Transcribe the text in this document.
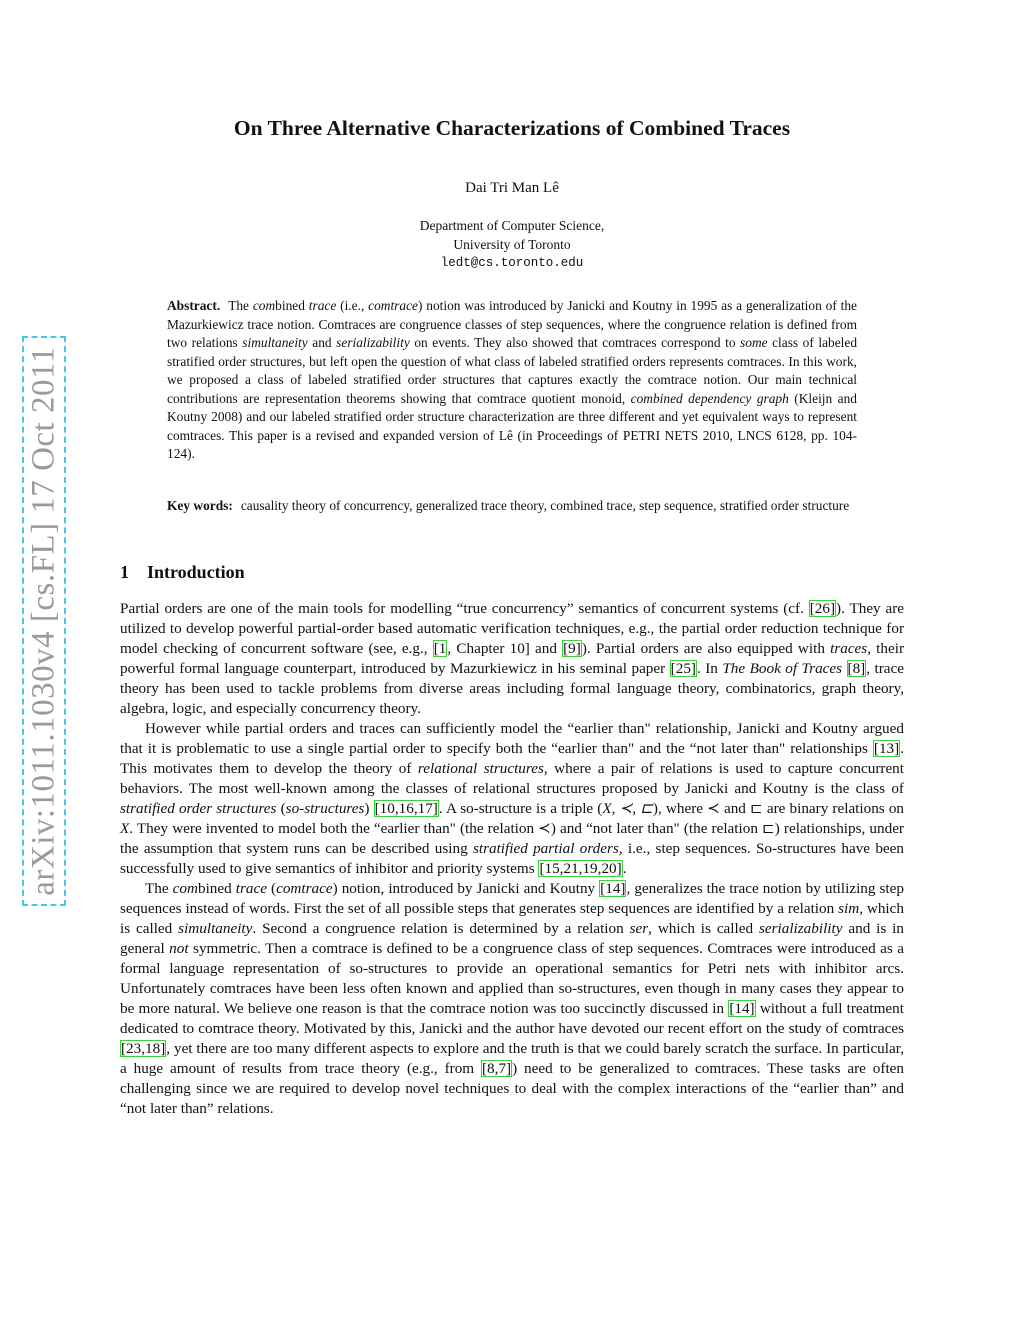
arXiv:1011.1030v4 [cs.FL] 17 Oct 2011
On Three Alternative Characterizations of Combined Traces
Dai Tri Man Lê
Department of Computer Science,
University of Toronto
ledt@cs.toronto.edu

Abstract. The combined trace (i.e., comtrace) notion was introduced by Janicki and Koutny in 1995 as a generalization of the Mazurkiewicz trace notion. Comtraces are congruence classes of step sequences, where the congruence relation is defined from two relations simultaneity and serializability on events. They also showed that comtraces correspond to some class of labeled stratified order structures, but left open the question of what class of labeled stratified orders represents comtraces. In this work, we proposed a class of labeled stratified order structures that captures exactly the comtrace notion. Our main technical contributions are representation theorems showing that comtrace quotient monoid, combined dependency graph (Kleijn and Koutny 2008) and our labeled stratified order structure characterization are three different and yet equivalent ways to represent comtraces. This paper is a revised and expanded version of Lê (in Proceedings of PETRI NETS 2010, LNCS 6128, pp. 104-124).

Key words: causality theory of concurrency, generalized trace theory, combined trace, step sequence, stratified order structure

1 Introduction

Partial orders are one of the main tools for modelling “true concurrency” semantics of concurrent systems (cf. [26]). They are utilized to develop powerful partial-order based automatic verification techniques, e.g., the partial order reduction technique for model checking of concurrent software (see, e.g., [1, Chapter 10] and [9]). Partial orders are also equipped with traces, their powerful formal language counterpart, introduced by Mazurkiewicz in his seminal paper [25]. In The Book of Traces [8], trace theory has been used to tackle problems from diverse areas including formal language theory, combinatorics, graph theory, algebra, logic, and especially concurrency theory.

However while partial orders and traces can sufficiently model the “earlier than" relationship, Janicki and Koutny argued that it is problematic to use a single partial order to specify both the “earlier than" and the “not later than" relationships [13]. This motivates them to develop the theory of relational structures, where a pair of relations is used to capture concurrent behaviors. The most well-known among the classes of relational structures proposed by Janicki and Koutny is the class of stratified order structures (so-structures) [10,16,17]. A so-structure is a triple (X, ≺, ⊏), where ≺ and ⊏ are binary relations on X. They were invented to model both the “earlier than" (the relation ≺) and “not later than" (the relation ⊏) relationships, under the assumption that system runs can be described using stratified partial orders, i.e., step sequences. So-structures have been successfully used to give semantics of inhibitor and priority systems [15,21,19,20].

The combined trace (comtrace) notion, introduced by Janicki and Koutny [14], generalizes the trace notion by utilizing step sequences instead of words. First the set of all possible steps that generates step sequences are identified by a relation sim, which is called simultaneity. Second a congruence relation is determined by a relation ser, which is called serializability and is in general not symmetric. Then a comtrace is defined to be a congruence class of step sequences. Comtraces were introduced as a formal language representation of so-structures to provide an operational semantics for Petri nets with inhibitor arcs. Unfortunately comtraces have been less often known and applied than so-structures, even though in many cases they appear to be more natural. We believe one reason is that the comtrace notion was too succinctly discussed in [14] without a full treatment dedicated to comtrace theory. Motivated by this, Janicki and the author have devoted our recent effort on the study of comtraces [23,18], yet there are too many different aspects to explore and the truth is that we could barely scratch the surface. In particular, a huge amount of results from trace theory (e.g., from [8,7]) need to be generalized to comtraces. These tasks are often challenging since we are required to develop novel techniques to deal with the complex interactions of the “earlier than” and “not later than” relations.
